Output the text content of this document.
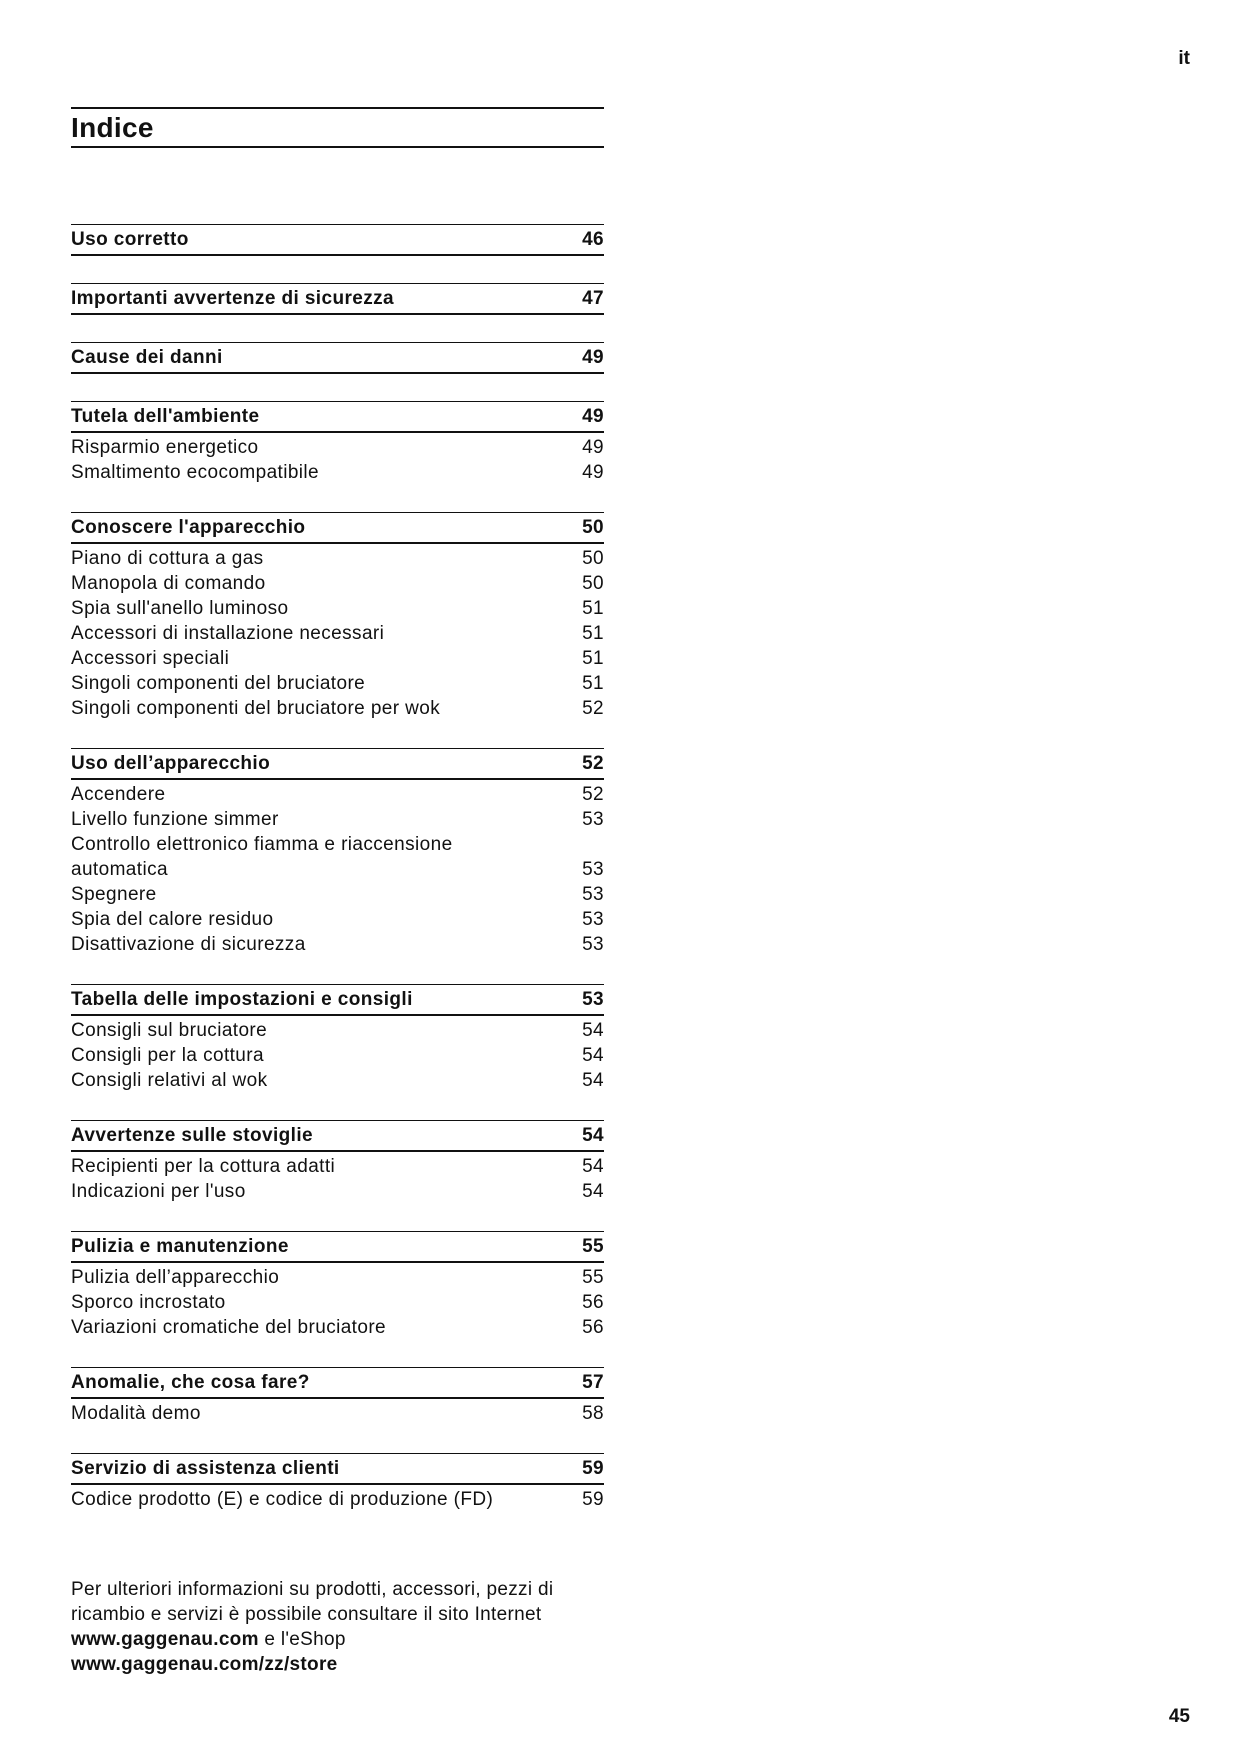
it
Indice
Uso corretto	46
Importanti avvertenze di sicurezza	47
Cause dei danni	49
Tutela dell'ambiente	49
Risparmio energetico	49
Smaltimento ecocompatibile	49
Conoscere l'apparecchio	50
Piano di cottura a gas	50
Manopola di comando	50
Spia sull'anello luminoso	51
Accessori di installazione necessari	51
Accessori speciali	51
Singoli componenti del bruciatore	51
Singoli componenti del bruciatore per wok	52
Uso dell’apparecchio	52
Accendere	52
Livello funzione simmer	53
Controllo elettronico fiamma e riaccensione
automatica	53
Spegnere	53
Spia del calore residuo	53
Disattivazione di sicurezza	53
Tabella delle impostazioni e consigli	53
Consigli sul bruciatore	54
Consigli per la cottura	54
Consigli relativi al wok	54
Avvertenze sulle stoviglie	54
Recipienti per la cottura adatti	54
Indicazioni per l'uso	54
Pulizia e manutenzione	55
Pulizia dell’apparecchio	55
Sporco incrostato	56
Variazioni cromatiche del bruciatore	56
Anomalie, che cosa fare?	57
Modalità demo	58
Servizio di assistenza clienti	59
Codice prodotto (E) e codice di produzione (FD)	59
Per ulteriori informazioni su prodotti, accessori, pezzi di
ricambio e servizi è possibile consultare il sito Internet
www.gaggenau.com e l'eShop
www.gaggenau.com/zz/store
45
